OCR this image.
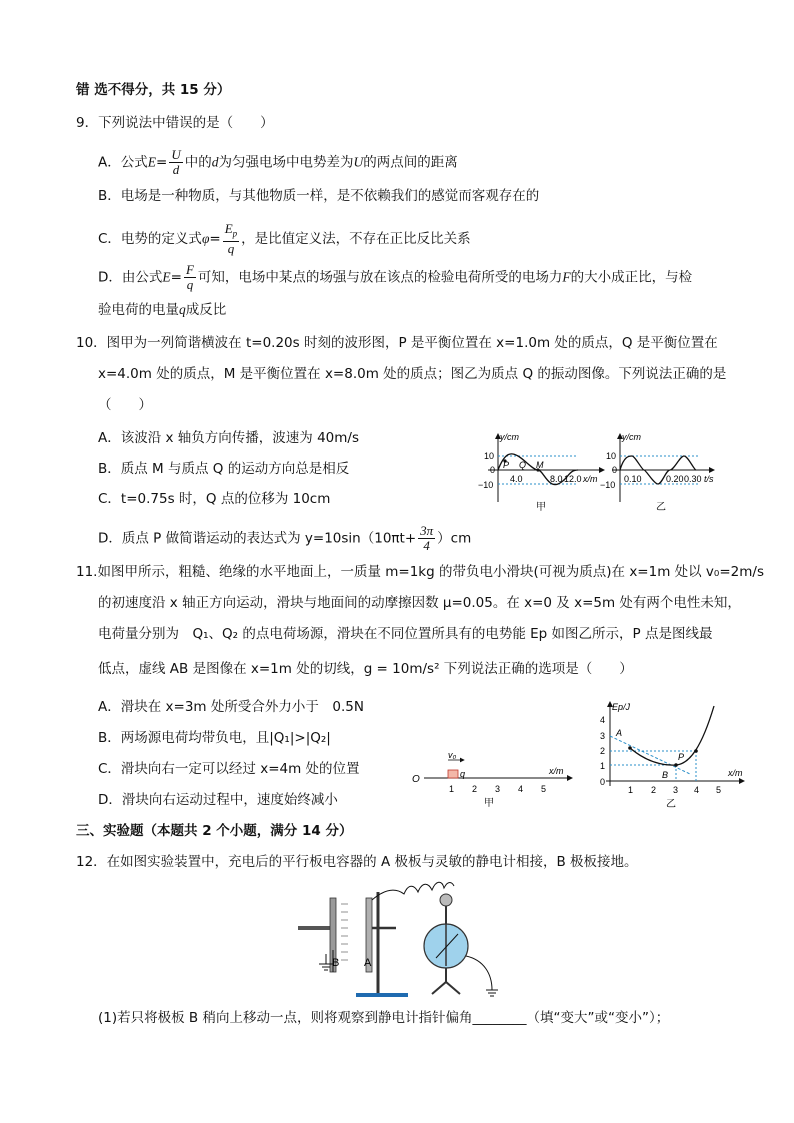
错 选不得分，共 15 分）
9．下列说法中错误的是（　　）
A．公式$E= \frac{U}{d}$ 中的d为匀强电场中电势差为U的两点间的距离
B．电场是一种物质，与其他物质一样，是不依赖我们的感觉而客观存在的
C．电势的定义式$\varphi= \frac{E_p}{q}$ ，是比值定义法，不存在正比反比关系
D．由公式$E= \frac{F}{q}$ 可知，电场中某点的场强与放在该点的检验电荷所受的电场力F的大小成正比，与检
验电荷的电量q成反比
10．图甲为一列简谐横波在 t=0.20s 时刻的波形图，P 是平衡位置在 x=1.0m 处的质点，Q 是平衡位置在
x=4.0m 处的质点，M 是平衡位置在 x=8.0m 处的质点；图乙为质点 Q 的振动图像。下列说法正确的是
（　　）
A．该波沿 x 轴负方向传播，波速为 40m/s
B．质点 M 与质点 Q 的运动方向总是相反
C．t=0.75s 时，Q 点的位移为 10cm
D．质点 P 做简谐运动的表达式为 $y=10\sin(10\pi t+ \frac{3\pi}{4} )cm$
y/cm
10
0
−10
P Q M
4.0	8.0 12.0 x/m
甲
y/cm
10
0
−10
0.10	0.20 0.30 t/s
乙
11.如图甲所示，粗糙、绝缘的水平地面上，一质量 m=1kg 的带负电小滑块(可视为质点)在 x=1m 处以 v₀=2m/s
的初速度沿 x 轴正方向运动，滑块与地面间的动摩擦因数 μ=0.05。在 x=0 及 x=5m 处有两个电性未知，
电荷量分别为　Q₁、Q₂ 的点电荷场源，滑块在不同位置所具有的电势能 Ep 如图乙所示，P 点是图线最
低点，虚线 AB 是图像在 x=1m 处的切线，g = 10m/s² 下列说法正确的选项是（　　）
A．滑块在 x=3m 处所受合外力小于　0.5N
B．两场源电荷均带负电，且|Q₁|>|Q₂|
C．滑块向右一定可以经过 x=4m 处的位置
D．滑块向右运动过程中，速度始终减小
O
v₀
q	x/m
1 2 3 4 5
甲
Ep/J
4
3
2
1
0
A
P
B
1 2 3 4 5
x/m
乙
三、实验题（本题共 2 个小题，满分 14 分）
12．在如图实验装置中，充电后的平行板电容器的 A 极板与灵敏的静电计相接，B 极板接地。
B A
(1)若只将极板 B 稍向上移动一点，则将观察到静电计指针偏角________（填“变大”或“变小”）；
